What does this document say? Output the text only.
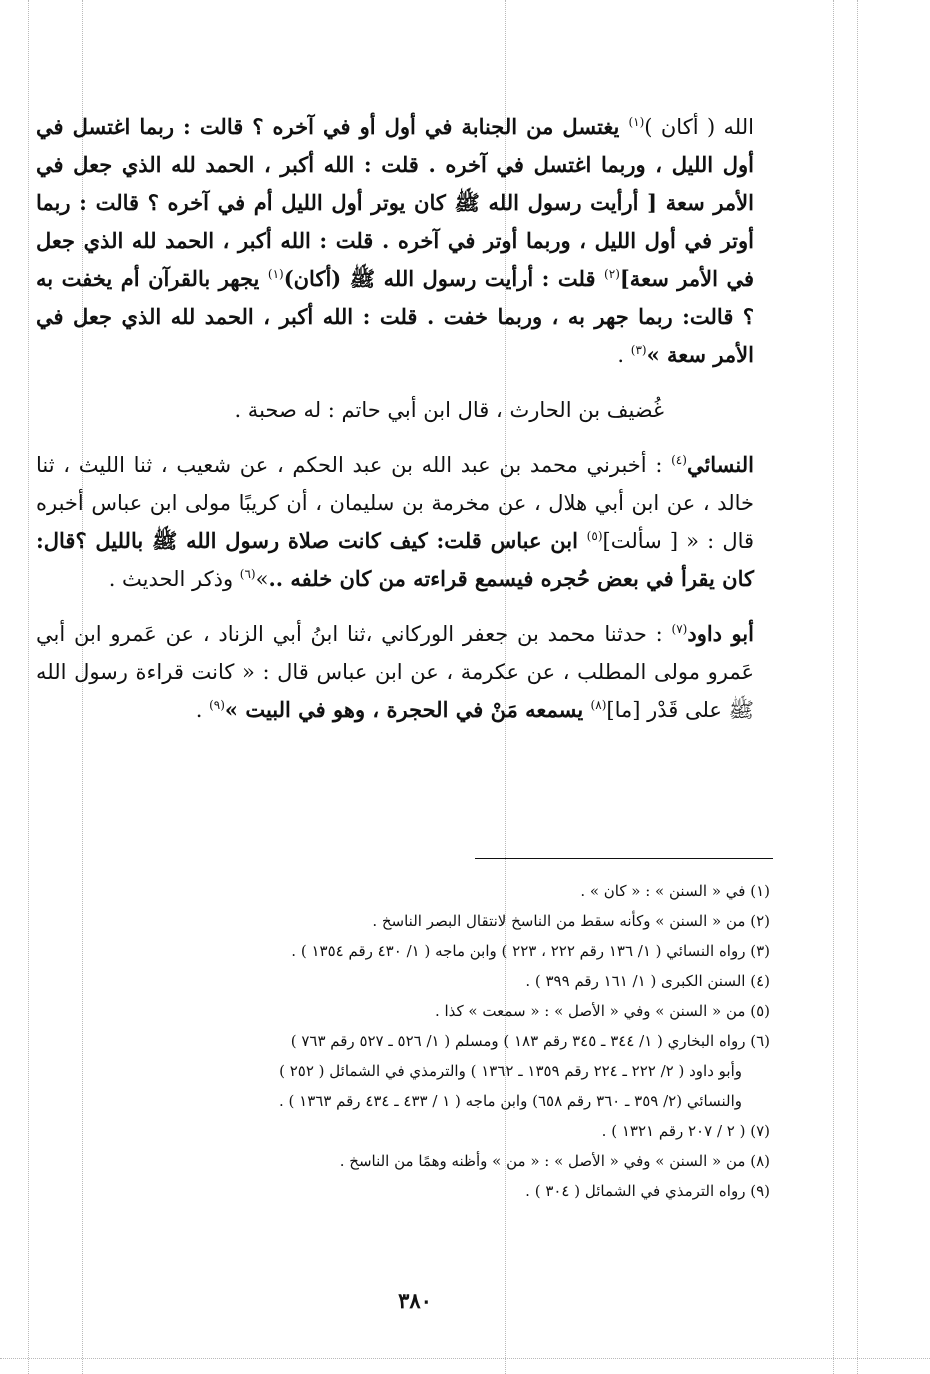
الله ( أكان )$^{(١)}$ يغتسل من الجنابة في أول أو في آخره ؟ قالت : ربما اغتسل في أول الليل ، وربما اغتسل في آخره . قلت : الله أكبر ، الحمد لله الذي جعل في الأمر سعة [ أرأيت رسول الله ﷺ كان يوتر أول الليل أم في آخره ؟ قالت : ربما أوتر في أول الليل ، وربما أوتر في آخره . قلت : الله أكبر ، الحمد لله الذي جعل في الأمر سعة]$^{(٢)}$ قلت : أرأيت رسول الله ﷺ (أكان)$^{(١)}$ يجهر بالقرآن أم يخفت به ؟ قالت: ربما جهر به ، وربما خفت . قلت : الله أكبر ، الحمد لله الذي جعل في الأمر سعة »$^{(٣)}$ .

غُضيف بن الحارث ، قال ابن أبي حاتم : له صحبة .

النسائي$^{(٤)}$ : أخبرني محمد بن عبد الله بن عبد الحكم ، عن شعيب ، ثنا الليث ، ثنا خالد ، عن ابن أبي هلال ، عن مخرمة بن سليمان ، أن كريبًا مولى ابن عباس أخبره قال : « [ سألت]$^{(٥)}$ ابن عباس قلت: كيف كانت صلاة رسول الله ﷺ بالليل ؟قال: كان يقرأ في بعض حُجره فيسمع قراءته من كان خلفه ..»$^{(٦)}$ وذكر الحديث .

أبو داود$^{(٧)}$ : حدثنا محمد بن جعفر الوركاني ،ثنا ابنُ أبي الزناد ، عن عَمرو ابن أبي عَمرو مولى المطلب ، عن عكرمة ، عن ابن عباس قال : « كانت قراءة رسول الله ﷺ على قَدْر [ما]$^{(٨)}$ يسمعه مَنْ في الحجرة ، وهو في البيت »$^{(٩)}$ .

(١) في « السنن » : « كان » .
(٢) من « السنن » وكأنه سقط من الناسخ لانتقال البصر الناسخ .
(٣) رواه النسائي ( ١/ ١٣٦ رقم ٢٢٢ ، ٢٢٣ ) وابن ماجه ( ١/ ٤٣٠ رقم ١٣٥٤ ) .
(٤) السنن الكبرى ( ١/ ١٦١ رقم ٣٩٩ ) .
(٥) من « السنن » وفي « الأصل » : « سمعت » كذا .
(٦) رواه البخاري ( ١/ ٣٤٤ ـ ٣٤٥ رقم ١٨٣ ) ومسلم ( ١/ ٥٢٦ ـ ٥٢٧ رقم ٧٦٣ )
وأبو داود ( ٢/ ٢٢٢ ـ ٢٢٤ رقم ١٣٥٩ ـ ١٣٦٢ ) والترمذي في الشمائل ( ٢٥٢ )
والنسائي (٢/ ٣٥٩ ـ ٣٦٠ رقم ٦٥٨) وابن ماجه ( ١ / ٤٣٣ ـ ٤٣٤ رقم ١٣٦٣ ) .
(٧) ( ٢ / ٢٠٧ رقم ١٣٢١ ) .
(٨) من « السنن » وفي « الأصل » : « من » وأظنه وهمًا من الناسخ .
(٩) رواه الترمذي في الشمائل ( ٣٠٤ ) .
٣٨٠
